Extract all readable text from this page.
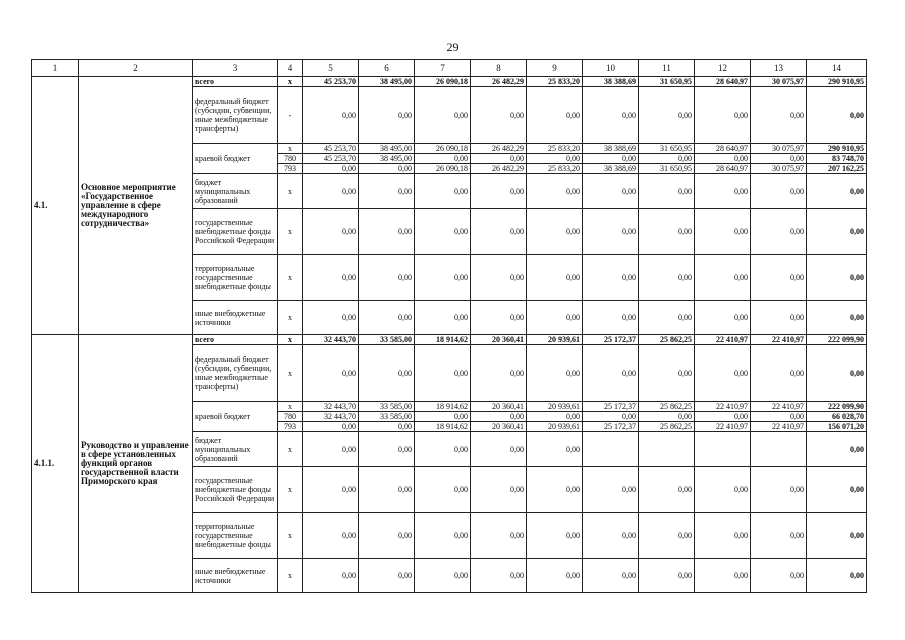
29
1	2	3	4	5	6	7	8	9	10	11	12	13	14
4.1.	Основное мероприятие «Государственное управление в сфере международного сотрудничества»	всего	х	45 253,70	38 495,00	26 090,18	26 482,29	25 833,20	38 388,69	31 650,95	28 640,97	30 075,97	290 910,95
		федеральный бюджет (субсидии, субвенции, иные межбюджетные трансферты)	-	0,00	0,00	0,00	0,00	0,00	0,00	0,00	0,00	0,00	0,00
		краевой бюджет	х	45 253,70	38 495,00	26 090,18	26 482,29	25 833,20	38 388,69	31 650,95	28 640,97	30 075,97	290 910,95
			780	45 253,70	38 495,00	0,00	0,00	0,00	0,00	0,00	0,00	0,00	83 748,70
			793	0,00	0,00	26 090,18	26 482,29	25 833,20	38 388,69	31 650,95	28 640,97	30 075,97	207 162,25
		бюджет муниципальных образований	х	0,00	0,00	0,00	0,00	0,00	0,00	0,00	0,00	0,00	0,00
		государственные внебюджетные фонды Российской Федерации	х	0,00	0,00	0,00	0,00	0,00	0,00	0,00	0,00	0,00	0,00
		территориальные государственные внебюджетные фонды	х	0,00	0,00	0,00	0,00	0,00	0,00	0,00	0,00	0,00	0,00
		иные внебюджетные источники	х	0,00	0,00	0,00	0,00	0,00	0,00	0,00	0,00	0,00	0,00
4.1.1.	Руководство и управление в сфере установленных функций органов государственной власти Приморского края	всего	х	32 443,70	33 585,00	18 914,62	20 360,41	20 939,61	25 172,37	25 862,25	22 410,97	22 410,97	222 099,90
		федеральный бюджет (субсидии, субвенции, иные межбюджетные трансферты)	х	0,00	0,00	0,00	0,00	0,00	0,00	0,00	0,00	0,00	0,00
		краевой бюджет	х	32 443,70	33 585,00	18 914,62	20 360,41	20 939,61	25 172,37	25 862,25	22 410,97	22 410,97	222 099,90
			780	32 443,70	33 585,00	0,00	0,00	0,00	0,00	0,00	0,00	0,00	66 028,70
			793	0,00	0,00	18 914,62	20 360,41	20 939,61	25 172,37	25 862,25	22 410,97	22 410,97	156 071,20
		бюджет муниципальных образований	х	0,00	0,00	0,00	0,00	0,00					0,00
		государственные внебюджетные фонды Российской Федерации	х	0,00	0,00	0,00	0,00	0,00	0,00	0,00	0,00	0,00	0,00
		территориальные государственные внебюджетные фонды	х	0,00	0,00	0,00	0,00	0,00	0,00	0,00	0,00	0,00	0,00
		иные внебюджетные источники	х	0,00	0,00	0,00	0,00	0,00	0,00	0,00	0,00	0,00	0,00
